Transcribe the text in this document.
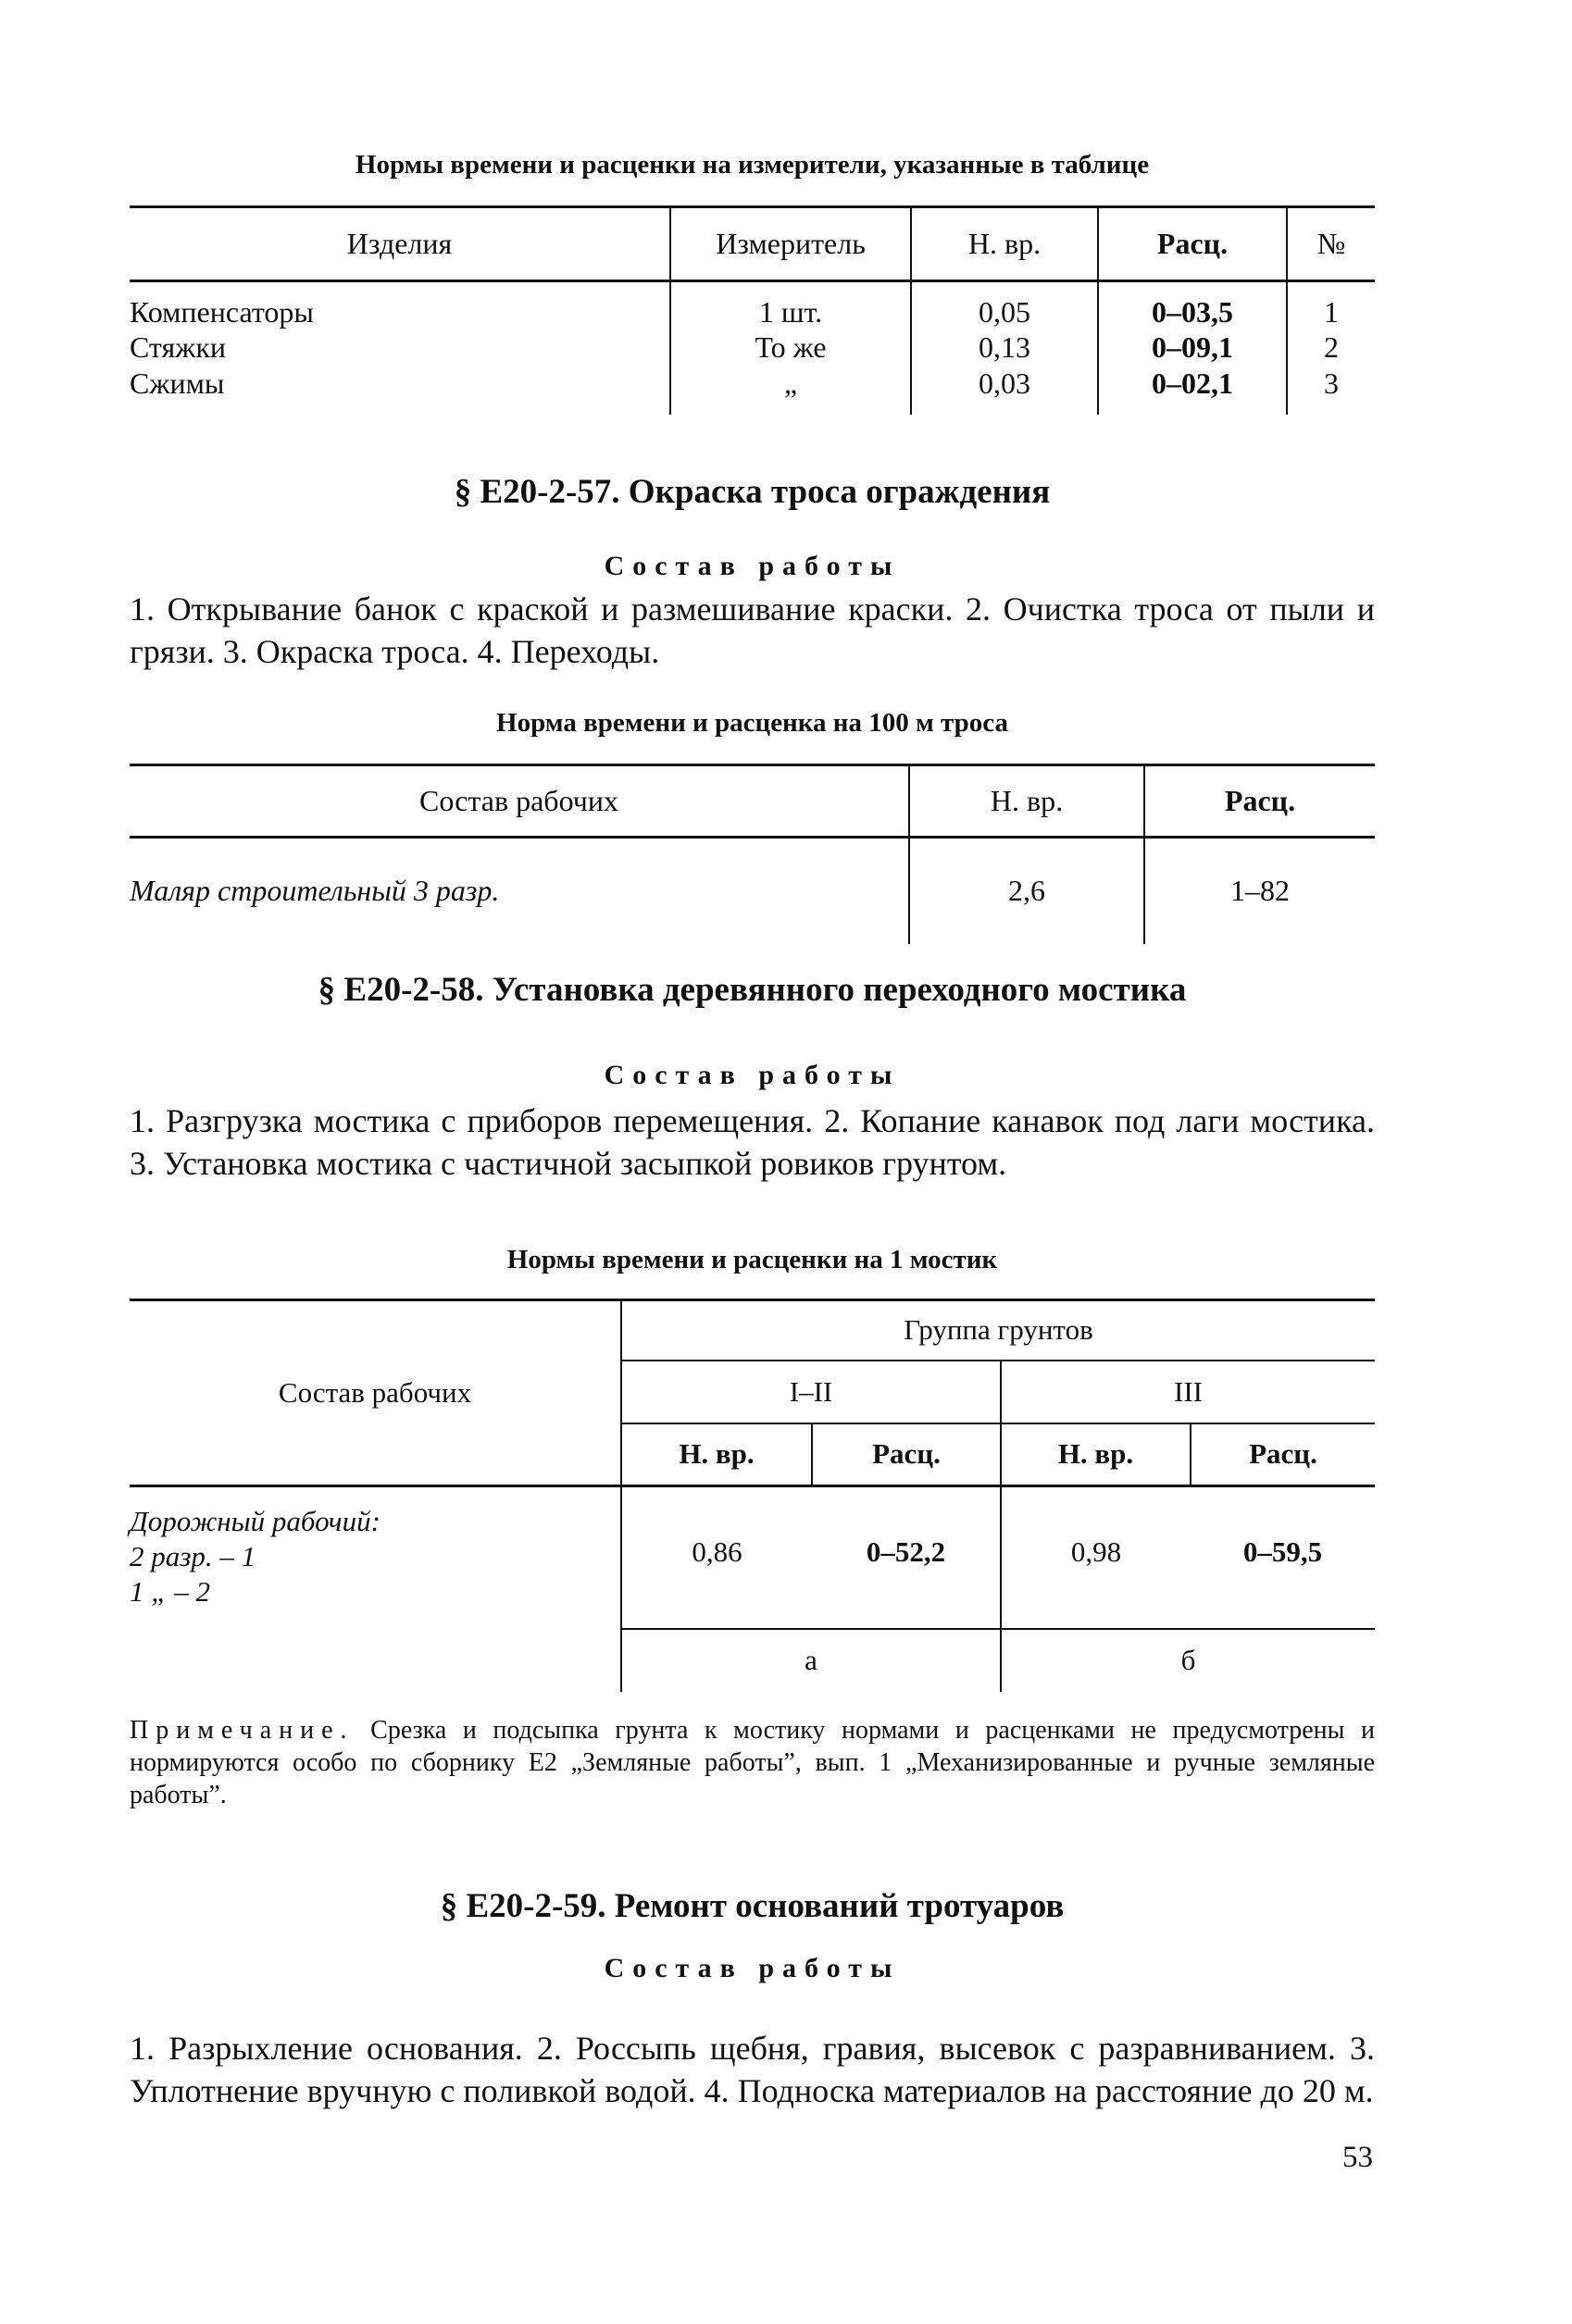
Нормы времени и расценки на измерители, указанные в таблице
Изделия	Измеритель	Н. вр.	Расц.	№
Компенсаторы	1 шт.	0,05	0–03,5	1
Стяжки	То же	0,13	0–09,1	2
Сжимы	„	0,03	0–02,1	3
§ Е20-2-57. Окраска троса ограждения
Состав работы
1. Открывание банок с краской и размешивание краски. 2. Очистка троса от пыли и грязи. 3. Окраска троса. 4. Переходы.
Норма времени и расценка на 100 м троса
Состав рабочих	Н. вр.	Расц.
Маляр строительный 3 разр.	2,6	1–82
§ Е20-2-58. Установка деревянного переходного мостика
Состав работы
1. Разгрузка мостика с приборов перемещения. 2. Копание канавок под лаги мостика. 3. Установка мостика с частичной засыпкой ровиков грунтом.
Нормы времени и расценки на 1 мостик
Состав рабочих	Группа грунтов			
	I–II		III	
	Н. вр.	Расц.	Н. вр.	Расц.

Дорожный рабочий:
2 разр. – 1
1 „ – 2	0,86	0–52,2	0,98	0–59,5
	а		б	
Примечание. Срезка и подсыпка грунта к мостику нормами и расценками не предусмотрены и нормируются особо по сборнику Е2 „Земляные работы”, вып. 1 „Механизированные и ручные земляные работы”.
§ Е20-2-59. Ремонт оснований тротуаров
Состав работы
1. Разрыхление основания. 2. Россыпь щебня, гравия, высевок с разравниванием. 3. Уплотнение вручную с поливкой водой. 4. Подноска материалов на расстояние до 20 м.
53
